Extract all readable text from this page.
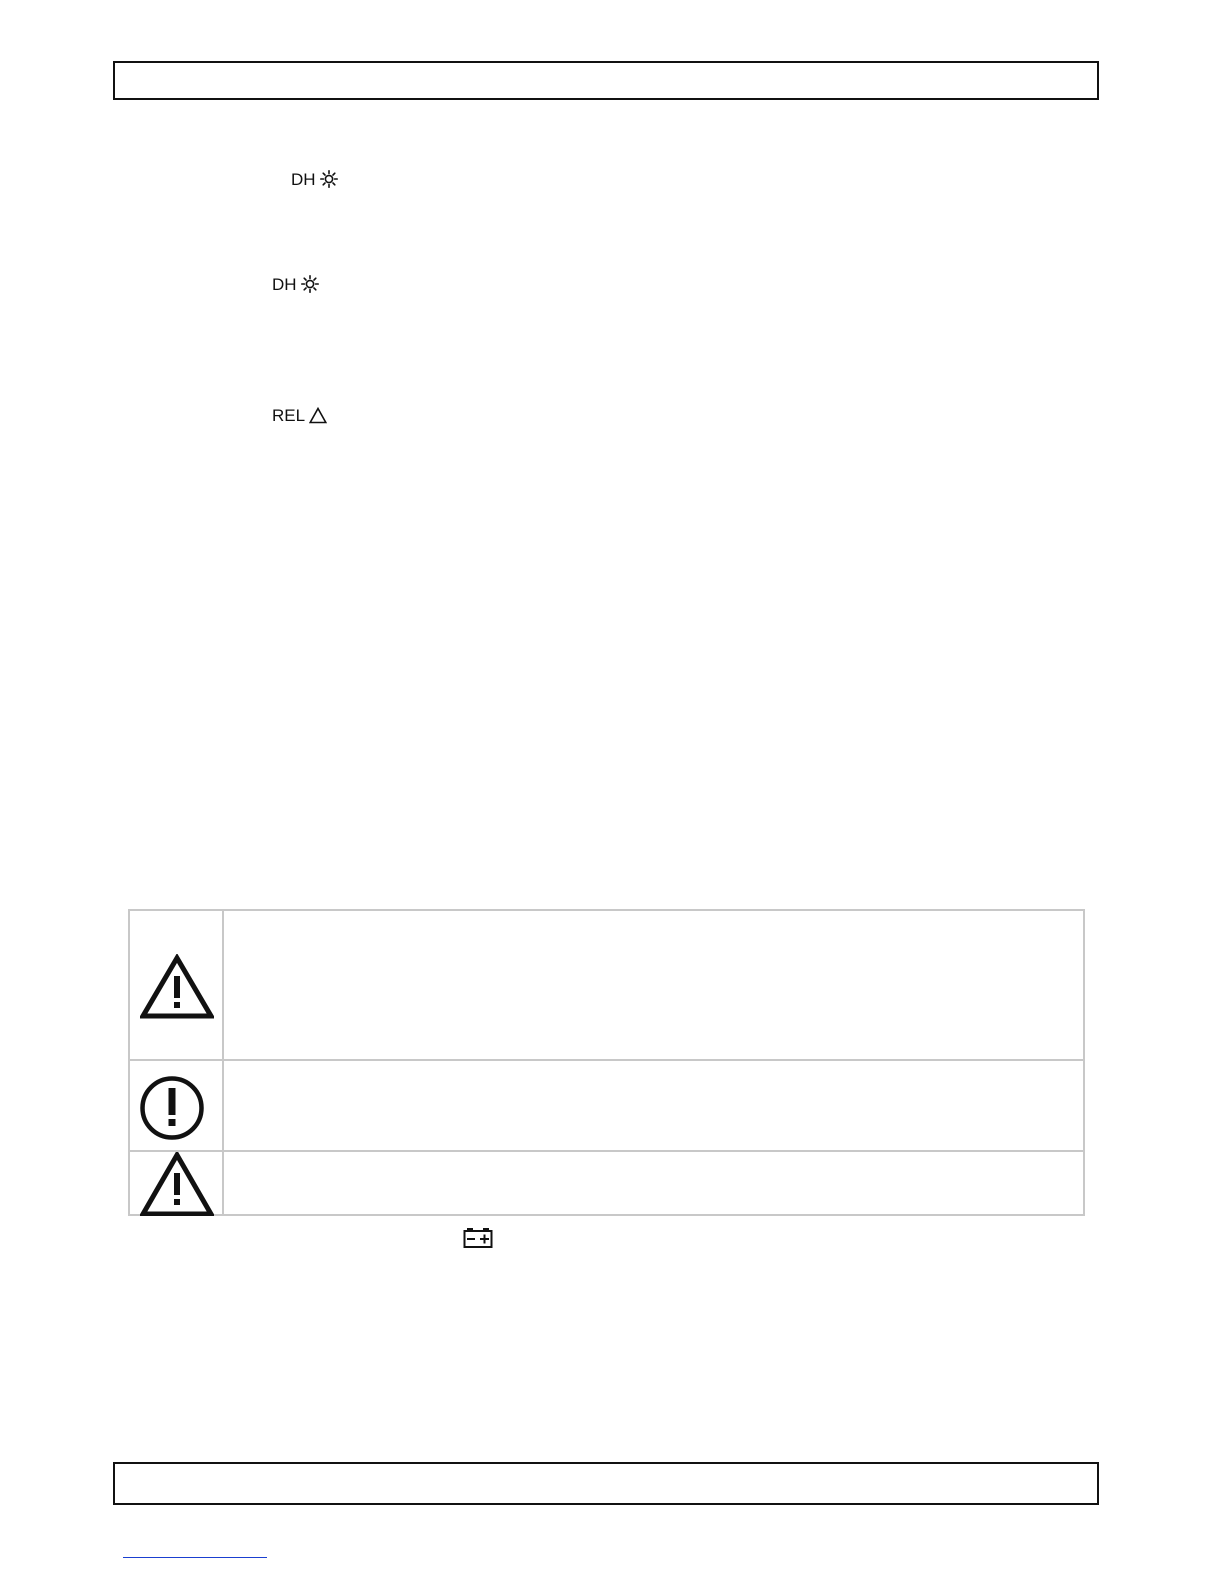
DH
DH
REL
